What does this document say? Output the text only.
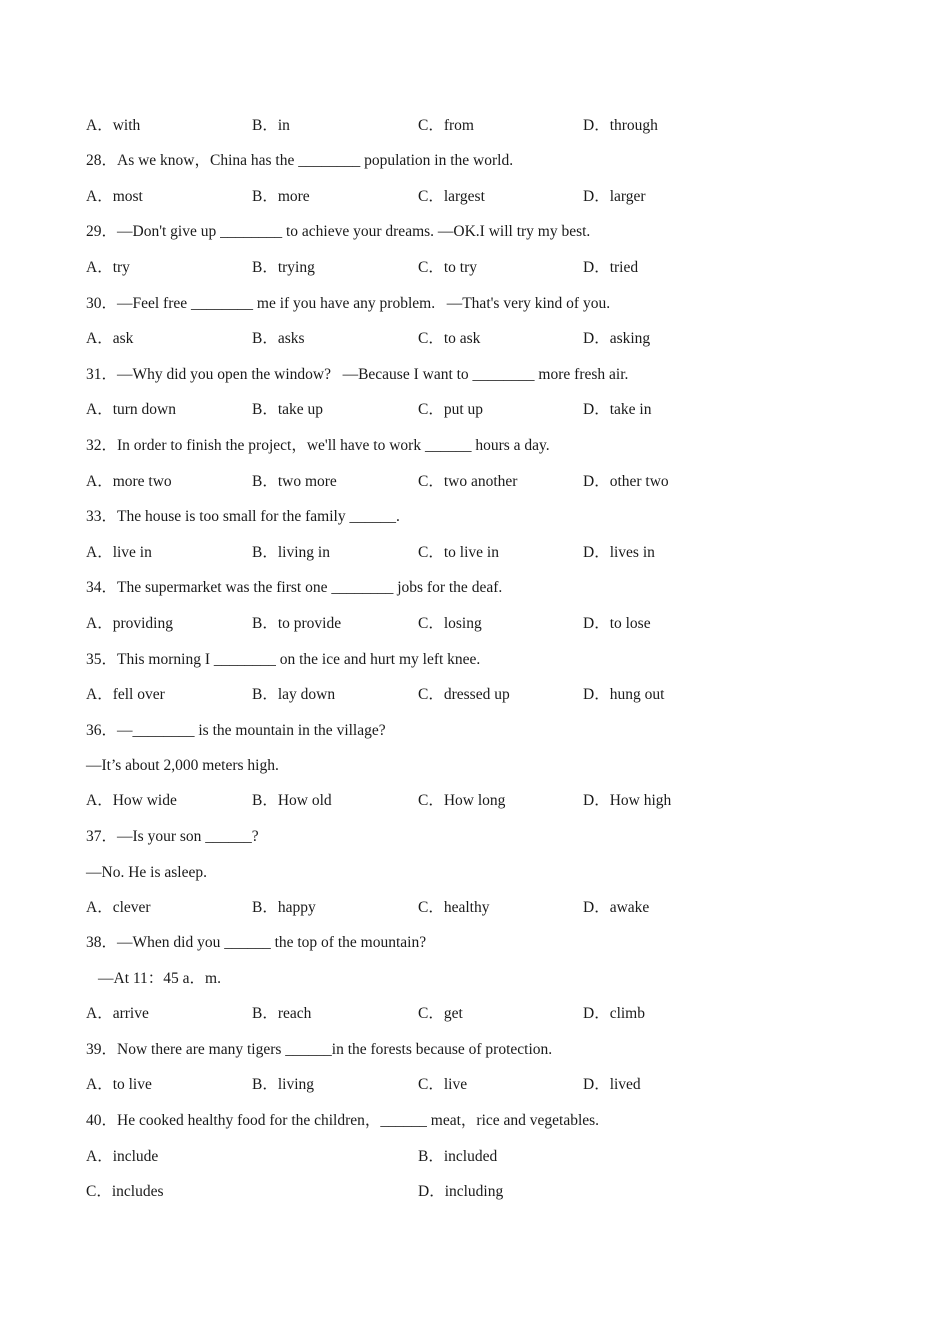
A．with	B．in	C．from	D．through
28．As we know，China has the ________ population in the world.
A．most	B．more	C．largest	D．larger
29．—Don't give up ________ to achieve your dreams. —OK.I will try my best.
A．try	B．trying	C．to try	D．tried
30．—Feel free ________ me if you have any problem.   —That's very kind of you.
A．ask	B．asks	C．to ask	D．asking
31．—Why did you open the window?   —Because I want to ________ more fresh air.
A．turn down	B．take up	C．put up	D．take in
32．In order to finish the project，we'll have to work ______ hours a day.
A．more two	B．two more	C．two another	D．other two
33．The house is too small for the family ______.
A．live in	B．living in	C．to live in	D．lives in
34．The supermarket was the first one ________ jobs for the deaf.
A．providing	B．to provide	C．losing	D．to lose
35．This morning I ________ on the ice and hurt my left knee.
A．fell over	B．lay down	C．dressed up	D．hung out
36．—________ is the mountain in the village?
—It’s about 2,000 meters high.
A．How wide	B．How old	C．How long	D．How high
37．—Is your son ______?
—No. He is asleep.
A．clever	B．happy	C．healthy	D．awake
38．—When did you ______ the top of the mountain?
—At 11：45 a．m.
A．arrive	B．reach	C．get	D．climb
39．Now there are many tigers ______in the forests because of protection.
A．to live	B．living	C．live	D．lived
40．He cooked healthy food for the children，______ meat，rice and vegetables.
A．include	B．included
C．includes	D．including
